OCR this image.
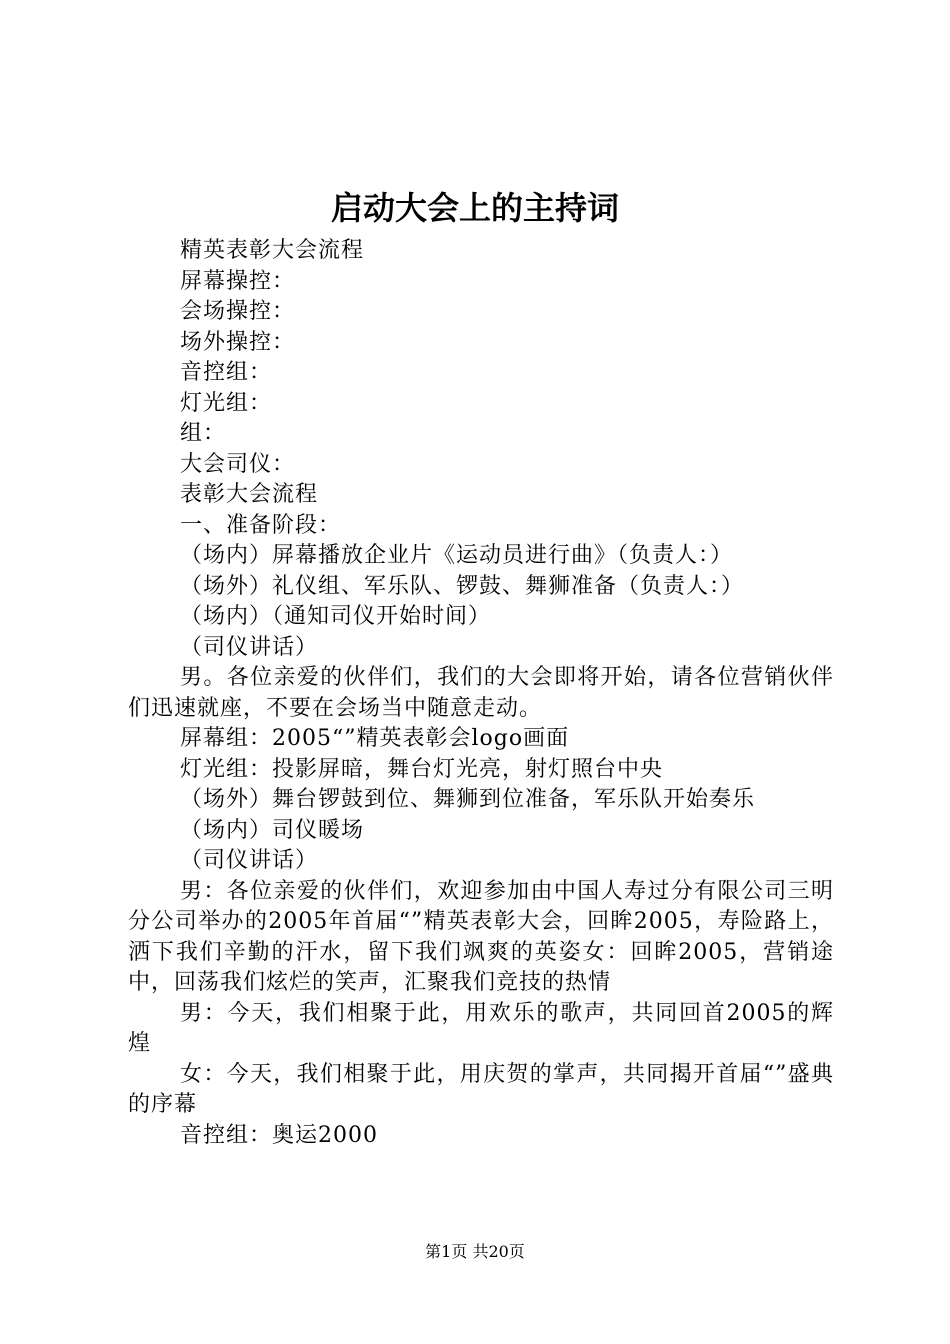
启动大会上的主持词

精英表彰大会流程

屏幕操控：

会场操控：

场外操控：

音控组：

灯光组：

组：

大会司仪：

表彰大会流程

一、准备阶段：

（场内）屏幕播放企业片《运动员进行曲》（负责人：）

（场外）礼仪组、军乐队、锣鼓、舞狮准备（负责人：）

（场内）（通知司仪开始时间）

（司仪讲话）

男。各位亲爱的伙伴们，我们的大会即将开始，请各位营销伙伴们迅速就座，不要在会场当中随意走动。

屏幕组：2005“”精英表彰会logo画面

灯光组：投影屏暗，舞台灯光亮，射灯照台中央

（场外）舞台锣鼓到位、舞狮到位准备，军乐队开始奏乐

（场内）司仪暖场

（司仪讲话）

男：各位亲爱的伙伴们，欢迎参加由中国人寿过分有限公司三明分公司举办的2005年首届“”精英表彰大会，回眸2005，寿险路上，洒下我们辛勤的汗水，留下我们飒爽的英姿女：回眸2005，营销途中，回荡我们炫烂的笑声，汇聚我们竞技的热情

男：今天，我们相聚于此，用欢乐的歌声，共同回首2005的辉煌

女：今天，我们相聚于此，用庆贺的掌声，共同揭开首届“”盛典的序幕

音控组：奥运2000

第1页 共20页
